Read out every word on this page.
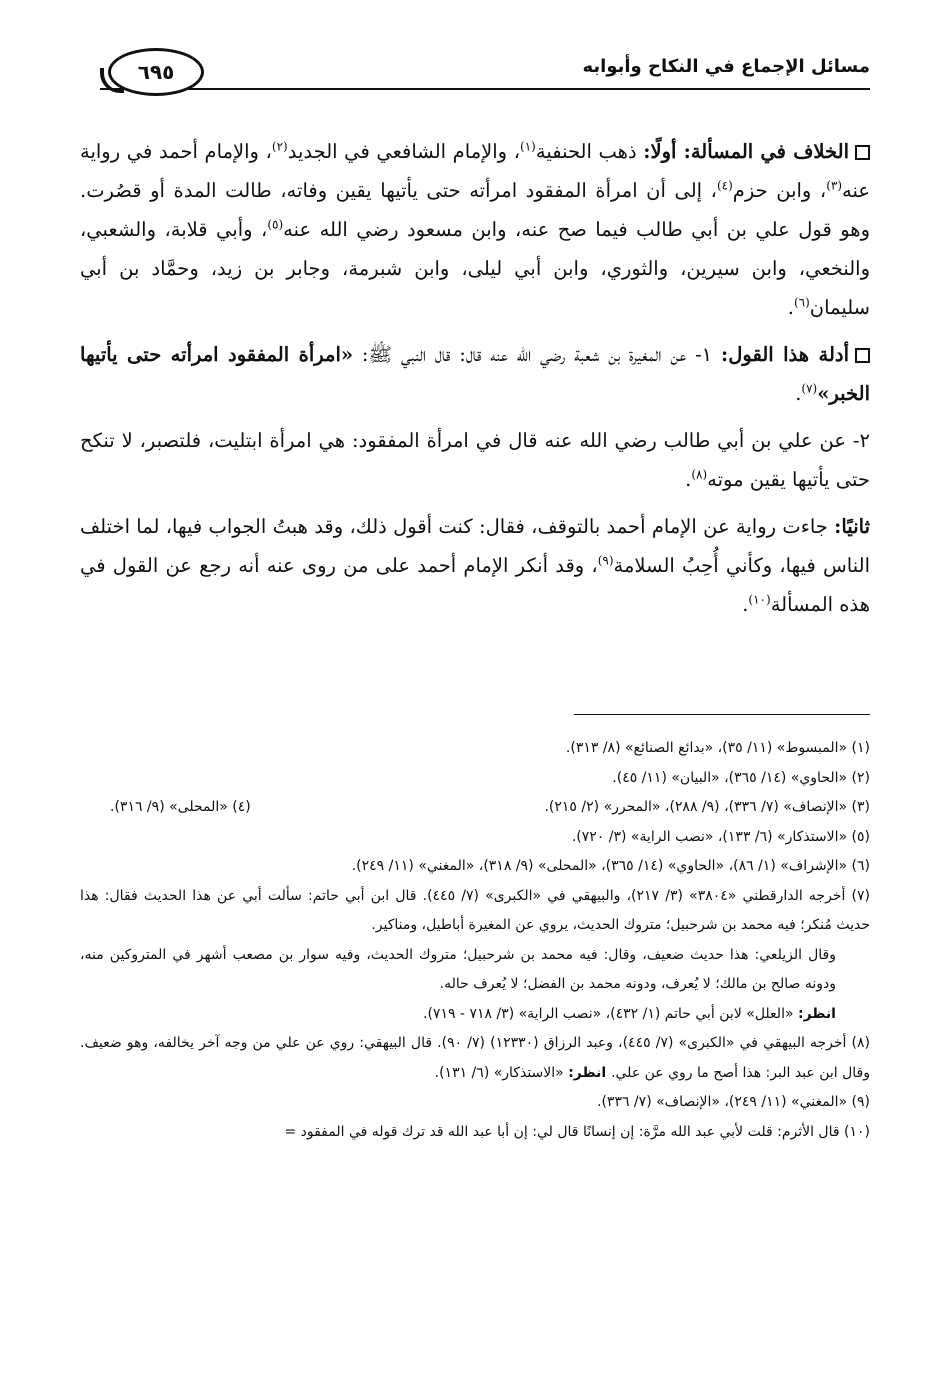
مسائل الإجماع في النكاح وأبوابه
٦٩٥

الخلاف في المسألة: أولًا: ذهب الحنفية$^{(١)}$، والإمام الشافعي في الجديد$^{(٢)}$، والإمام أحمد في رواية عنه$^{(٣)}$، وابن حزم$^{(٤)}$، إلى أن امرأة المفقود امرأته حتى يأتيها يقين وفاته، طالت المدة أو قصُرت. وهو قول علي بن أبي طالب فيما صح عنه، وابن مسعود رضي الله عنه$^{(٥)}$، وأبي قلابة، والشعبي، والنخعي، وابن سيرين، والثوري، وابن أبي ليلى، وابن شبرمة، وجابر بن زيد، وحمَّاد بن أبي سليمان$^{(٦)}$.

أدلة هذا القول: ١- عن المغيرة بن شعبة رضي الله عنه قال: قال النبي ﷺ: «امرأة المفقود امرأته حتى يأتيها الخبر»$^{(٧)}$.

٢- عن علي بن أبي طالب رضي الله عنه قال في امرأة المفقود: هي امرأة ابتليت، فلتصبر، لا تنكح حتى يأتيها يقين موته$^{(٨)}$.

ثانيًا: جاءت رواية عن الإمام أحمد بالتوقف، فقال: كنت أقول ذلك، وقد هبتُ الجواب فيها، لما اختلف الناس فيها، وكأني أُحِبُ السلامة$^{(٩)}$، وقد أنكر الإمام أحمد على من روى عنه أنه رجع عن القول في هذه المسألة$^{(١٠)}$.

(١) «المبسوط» (١١/ ٣٥)، «بدائع الصنائع» (٨/ ٣١٣).

(٢) «الحاوي» (١٤/ ٣٦٥)، «البيان» (١١/ ٤٥).

(٣) «الإنصاف» (٧/ ٣٣٦)، (٩/ ٢٨٨)، «المحرر» (٢/ ٢١٥).
(٤) «المحلى» (٩/ ٣١٦).

(٥) «الاستذكار» (٦/ ١٣٣)، «نصب الراية» (٣/ ٧٢٠).

(٦) «الإشراف» (١/ ٨٦)، «الحاوي» (١٤/ ٣٦٥)، «المحلى» (٩/ ٣١٨)، «المغني» (١١/ ٢٤٩).

(٧) أخرجه الدارقطني «٣٨٠٤» (٣/ ٢١٧)، والبيهقي في «الكبرى» (٧/ ٤٤٥). قال ابن أبي حاتم: سألت أبي عن هذا الحديث فقال: هذا حديث مُنكر؛ فيه محمد بن شرحبيل؛ متروك الحديث، يروي عن المغيرة أباطيل، ومناكير.

وقال الزيلعي: هذا حديث ضعيف، وقال: فيه محمد بن شرحبيل؛ متروك الحديث، وفيه سوار بن مصعب أشهر في المتروكين منه، ودونه صالح بن مالك؛ لا يُعرف، ودونه محمد بن الفضل؛ لا يُعرف حاله.

انظر: «العلل» لابن أبي حاتم (١/ ٤٣٢)، «نصب الراية» (٣/ ٧١٨ - ٧١٩).

(٨) أخرجه البيهقي في «الكبرى» (٧/ ٤٤٥)، وعبد الرزاق (١٢٣٣٠) (٧/ ٩٠). قال البيهقي: روي عن علي من وجه آخر يخالفه، وهو ضعيف. وقال ابن عبد البر: هذا أصح ما روي عن علي. انظر: «الاستذكار» (٦/ ١٣١).

(٩) «المغني» (١١/ ٢٤٩)، «الإنصاف» (٧/ ٣٣٦).

(١٠) قال الأثرم: قلت لأبي عبد الله مرَّة: إن إنسانًا قال لي: إن أبا عبد الله قد ترك قوله في المفقود =
